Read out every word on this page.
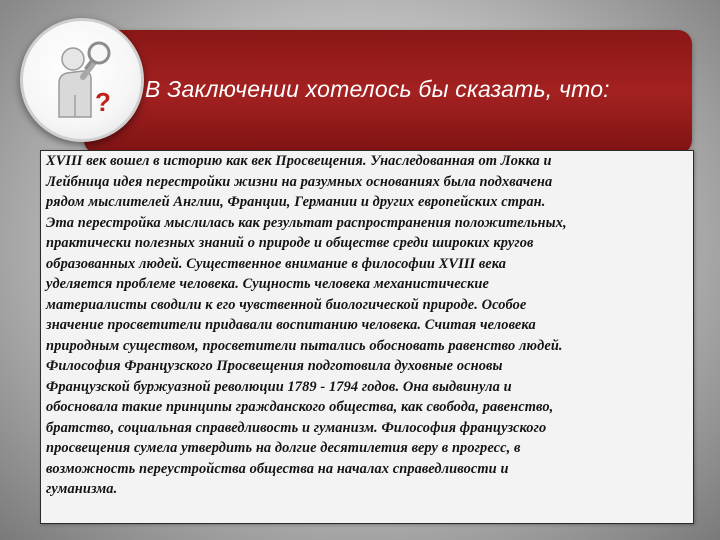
В Заключении хотелось бы сказать, что:
?
XVIII век вошел в историю как век Просвещения. Унаследованная от Локка и
Лейбница идея перестройки жизни на разумных основаниях была подхвачена
рядом мыслителей Англии, Франции, Германии и других европейских стран.
Эта перестройка мыслилась как результат распространения положительных,
практически полезных знаний о природе и обществе среди широких кругов
образованных людей. Существенное внимание в философии XVIII века
уделяется проблеме человека. Сущность человека механистические
материалисты сводили к его чувственной биологической природе. Особое
значение просветители придавали воспитанию человека. Считая человека
природным существом, просветители пытались обосновать равенство людей.
Философия Французского Просвещения подготовила духовные основы
Французской буржуазной революции 1789 - 1794 годов. Она выдвинула и
обосновала такие принципы гражданского общества, как свобода, равенство,
братство, социальная справедливость и гуманизм. Философия французского
просвещения сумела утвердить на долгие десятилетия веру в прогресс, в
возможность переустройства общества на началах справедливости и
гуманизма.
